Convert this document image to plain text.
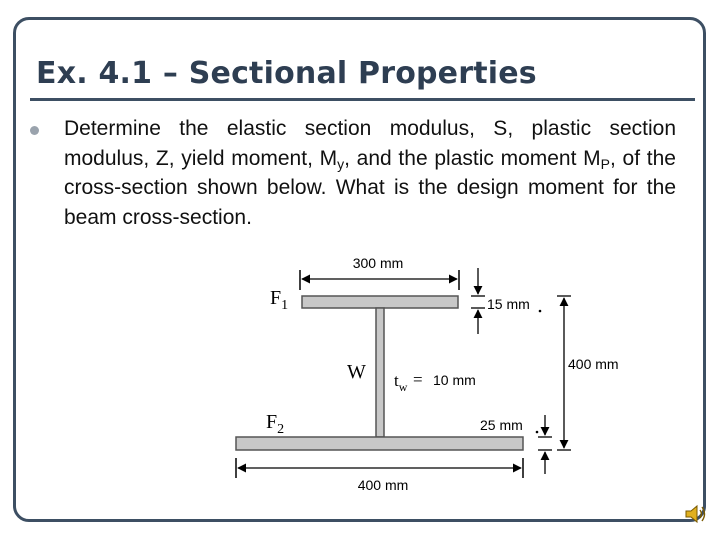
Ex. 4.1 – Sectional Properties

Determine the elastic section modulus, S, plastic section modulus, Z, yield moment, $M_y$, and the plastic moment $M_P$, of the cross-section shown below. What is the design moment for the beam cross-section.

300 mm
15 mm
400 mm
$t_w = 10$ mm
25 mm
400 mm
$F_1$
W
$F_2$
